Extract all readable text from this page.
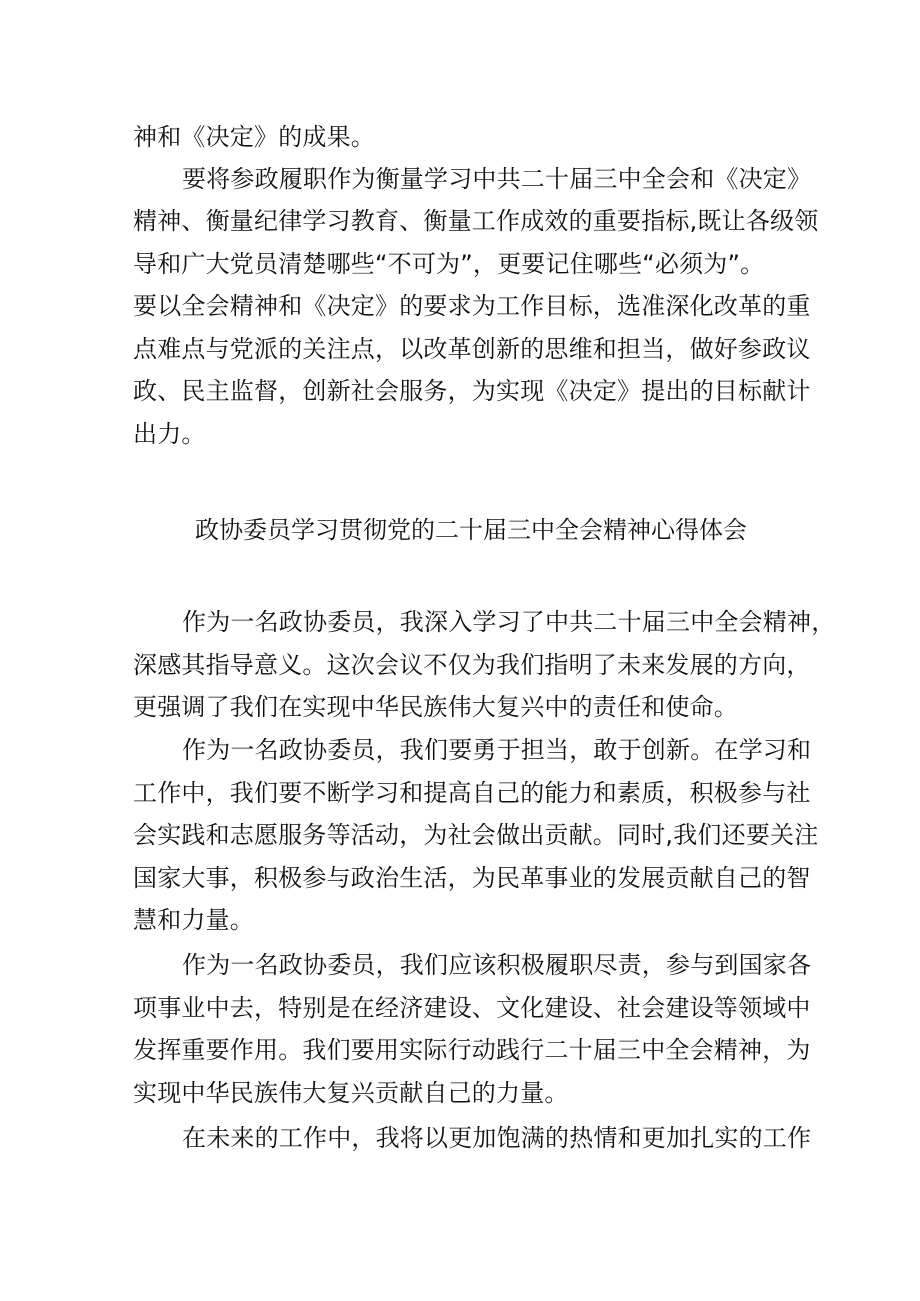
神和《决定》的成果。
要将参政履职作为衡量学习中共二十届三中全会和《决定》
精神、衡量纪律学习教育、衡量工作成效的重要指标,既让各级领
导和广大党员清楚哪些“不可为”，更要记住哪些“必须为”。
要以全会精神和《决定》的要求为工作目标，选准深化改革的重
点难点与党派的关注点，以改革创新的思维和担当，做好参政议
政、民主监督，创新社会服务，为实现《决定》提出的目标献计
出力。
政协委员学习贯彻党的二十届三中全会精神心得体会
作为一名政协委员，我深入学习了中共二十届三中全会精神，
深感其指导意义。这次会议不仅为我们指明了未来发展的方向，
更强调了我们在实现中华民族伟大复兴中的责任和使命。
作为一名政协委员，我们要勇于担当，敢于创新。在学习和
工作中，我们要不断学习和提高自己的能力和素质，积极参与社
会实践和志愿服务等活动，为社会做出贡献。同时,我们还要关注
国家大事，积极参与政治生活，为民革事业的发展贡献自己的智
慧和力量。
作为一名政协委员，我们应该积极履职尽责，参与到国家各
项事业中去，特别是在经济建设、文化建设、社会建设等领域中
发挥重要作用。我们要用实际行动践行二十届三中全会精神，为
实现中华民族伟大复兴贡献自己的力量。
在未来的工作中，我将以更加饱满的热情和更加扎实的工作
